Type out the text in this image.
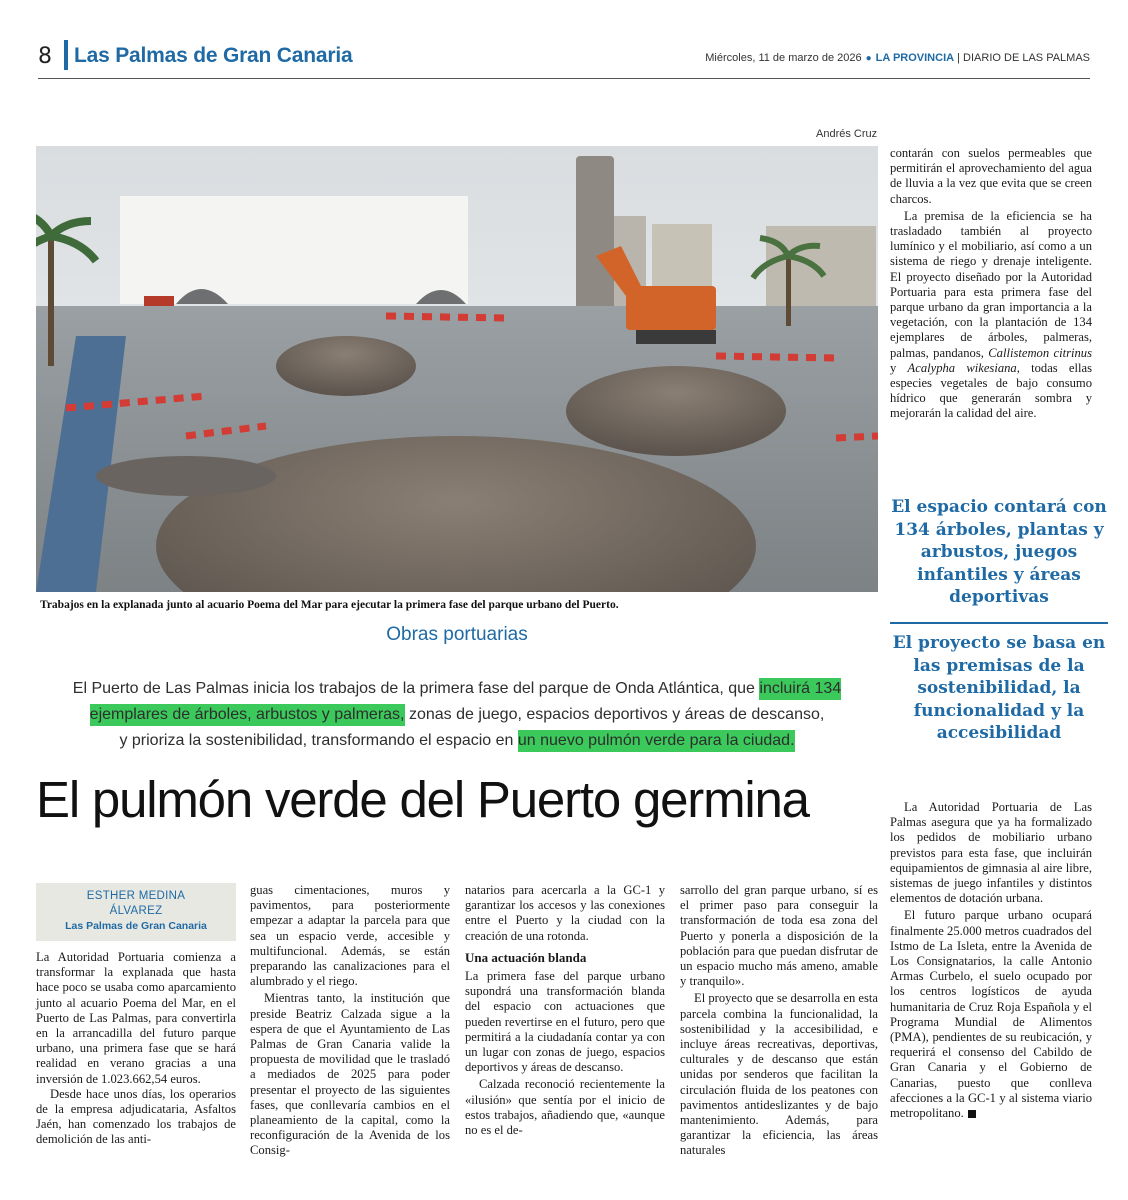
8 Las Palmas de Gran Canaria	Miércoles, 11 de marzo de 2026 ● LA PROVINCIA | DIARIO DE LAS PALMAS
Andrés Cruz
Trabajos en la explanada junto al acuario Poema del Mar para ejecutar la primera fase del parque urbano del Puerto.
Obras portuarias
El Puerto de Las Palmas inicia los trabajos de la primera fase del parque de Onda Atlántica, que incluirá 134
ejemplares de árboles, arbustos y palmeras, zonas de juego, espacios deportivos y áreas de descanso,
y prioriza la sostenibilidad, transformando el espacio en un nuevo pulmón verde para la ciudad.
El pulmón verde del Puerto germina
ESTHER MEDINA
ÁLVAREZ
Las Palmas de Gran Canaria

La Autoridad Portuaria comienza a transformar la explanada que hasta hace poco se usaba como aparcamiento junto al acuario Poema del Mar, en el Puerto de Las Palmas, para convertirla en la arrancadilla del futuro parque urbano, una primera fase que se hará realidad en verano gracias a una inversión de 1.023.662,54 euros.

Desde hace unos días, los operarios de la empresa adjudicataria, Asfaltos Jaén, han comenzado los trabajos de demolición de las anti-

guas cimentaciones, muros y pavimentos, para posteriormente empezar a adaptar la parcela para que sea un espacio verde, accesible y multifuncional. Además, se están preparando las canalizaciones para el alumbrado y el riego.

Mientras tanto, la institución que preside Beatriz Calzada sigue a la espera de que el Ayuntamiento de Las Palmas de Gran Canaria valide la propuesta de movilidad que le trasladó a mediados de 2025 para poder presentar el proyecto de las siguientes fases, que conllevaría cambios en el planeamiento de la capital, como la reconfiguración de la Avenida de los Consig-

natarios para acercarla a la GC-1 y garantizar los accesos y las conexiones entre el Puerto y la ciudad con la creación de una rotonda.

Una actuación blanda

La primera fase del parque urbano supondrá una transformación blanda del espacio con actuaciones que pueden revertirse en el futuro, pero que permitirá a la ciudadanía contar ya con un lugar con zonas de juego, espacios deportivos y áreas de descanso.

Calzada reconoció recientemente la «ilusión» que sentía por el inicio de estos trabajos, añadiendo que, «aunque no es el de-

sarrollo del gran parque urbano, sí es el primer paso para conseguir la transformación de toda esa zona del Puerto y ponerla a disposición de la población para que puedan disfrutar de un espacio mucho más ameno, amable y tranquilo».

El proyecto que se desarrolla en esta parcela combina la funcionalidad, la sostenibilidad y la accesibilidad, e incluye áreas recreativas, deportivas, culturales y de descanso que están unidas por senderos que facilitan la circulación fluida de los peatones con pavimentos antideslizantes y de bajo mantenimiento. Además, para garantizar la eficiencia, las áreas naturales

contarán con suelos permeables que permitirán el aprovechamiento del agua de lluvia a la vez que evita que se creen charcos.

La premisa de la eficiencia se ha trasladado también al proyecto lumínico y el mobiliario, así como a un sistema de riego y drenaje inteligente. El proyecto diseñado por la Autoridad Portuaria para esta primera fase del parque urbano da gran importancia a la vegetación, con la plantación de 134 ejemplares de árboles, palmeras, palmas, pandanos, Callistemon citrinus y Acalypha wikesiana, todas ellas especies vegetales de bajo consumo hídrico que generarán sombra y mejorarán la calidad del aire.

El espacio contará con 134 árboles, plantas y arbustos, juegos infantiles y áreas deportivas
El proyecto se basa en las premisas de la sostenibilidad, la funcionalidad y la accesibilidad

La Autoridad Portuaria de Las Palmas asegura que ya ha formalizado los pedidos de mobiliario urbano previstos para esta fase, que incluirán equipamientos de gimnasia al aire libre, sistemas de juego infantiles y distintos elementos de dotación urbana.

El futuro parque urbano ocupará finalmente 25.000 metros cuadrados del Istmo de La Isleta, entre la Avenida de Los Consignatarios, la calle Antonio Armas Curbelo, el suelo ocupado por los centros logísticos de ayuda humanitaria de Cruz Roja Española y el Programa Mundial de Alimentos (PMA), pendientes de su reubicación, y requerirá el consenso del Cabildo de Gran Canaria y el Gobierno de Canarias, puesto que conlleva afecciones a la GC-1 y al sistema viario metropolitano.
